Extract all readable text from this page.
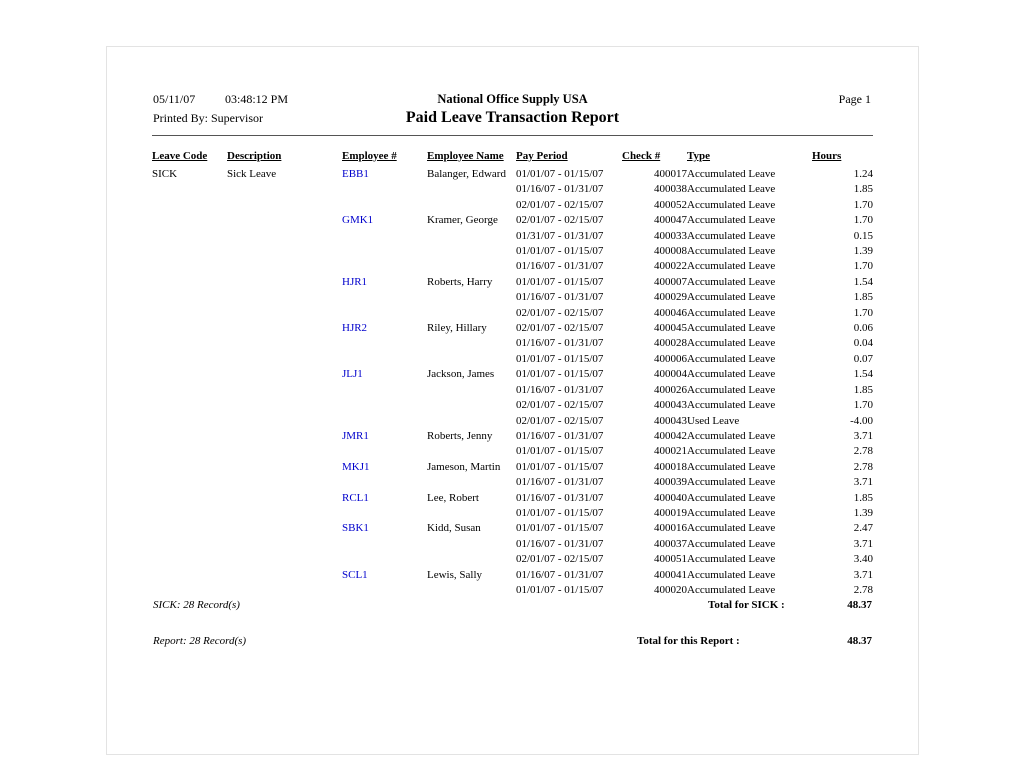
05/11/07 03:48:12 PM	National Office Supply USA	Page 1
Printed By: Supervisor	Paid Leave Transaction Report
Leave Code	Description	Employee #	Employee Name	Pay Period	Check #	Type	Hours
SICK	Sick Leave	EBB1	Balanger, Edward	01/01/07 - 01/15/07	400017	Accumulated Leave	1.24
				01/16/07 - 01/31/07	400038	Accumulated Leave	1.85
				02/01/07 - 02/15/07	400052	Accumulated Leave	1.70
		GMK1	Kramer, George	02/01/07 - 02/15/07	400047	Accumulated Leave	1.70
				01/31/07 - 01/31/07	400033	Accumulated Leave	0.15
				01/01/07 - 01/15/07	400008	Accumulated Leave	1.39
				01/16/07 - 01/31/07	400022	Accumulated Leave	1.70
		HJR1	Roberts, Harry	01/01/07 - 01/15/07	400007	Accumulated Leave	1.54
				01/16/07 - 01/31/07	400029	Accumulated Leave	1.85
				02/01/07 - 02/15/07	400046	Accumulated Leave	1.70
		HJR2	Riley, Hillary	02/01/07 - 02/15/07	400045	Accumulated Leave	0.06
				01/16/07 - 01/31/07	400028	Accumulated Leave	0.04
				01/01/07 - 01/15/07	400006	Accumulated Leave	0.07
		JLJ1	Jackson, James	01/01/07 - 01/15/07	400004	Accumulated Leave	1.54
				01/16/07 - 01/31/07	400026	Accumulated Leave	1.85
				02/01/07 - 02/15/07	400043	Accumulated Leave	1.70
				02/01/07 - 02/15/07	400043	Used Leave	-4.00
		JMR1	Roberts, Jenny	01/16/07 - 01/31/07	400042	Accumulated Leave	3.71
				01/01/07 - 01/15/07	400021	Accumulated Leave	2.78
		MKJ1	Jameson, Martin	01/01/07 - 01/15/07	400018	Accumulated Leave	2.78
				01/16/07 - 01/31/07	400039	Accumulated Leave	3.71
		RCL1	Lee, Robert	01/16/07 - 01/31/07	400040	Accumulated Leave	1.85
				01/01/07 - 01/15/07	400019	Accumulated Leave	1.39
		SBK1	Kidd, Susan	01/01/07 - 01/15/07	400016	Accumulated Leave	2.47
				01/16/07 - 01/31/07	400037	Accumulated Leave	3.71
				02/01/07 - 02/15/07	400051	Accumulated Leave	3.40
		SCL1	Lewis, Sally	01/16/07 - 01/31/07	400041	Accumulated Leave	3.71
				01/01/07 - 01/15/07	400020	Accumulated Leave	2.78
SICK: 28 Record(s)	Total for SICK :	48.37
Report: 28 Record(s)	Total for this Report :	48.37
